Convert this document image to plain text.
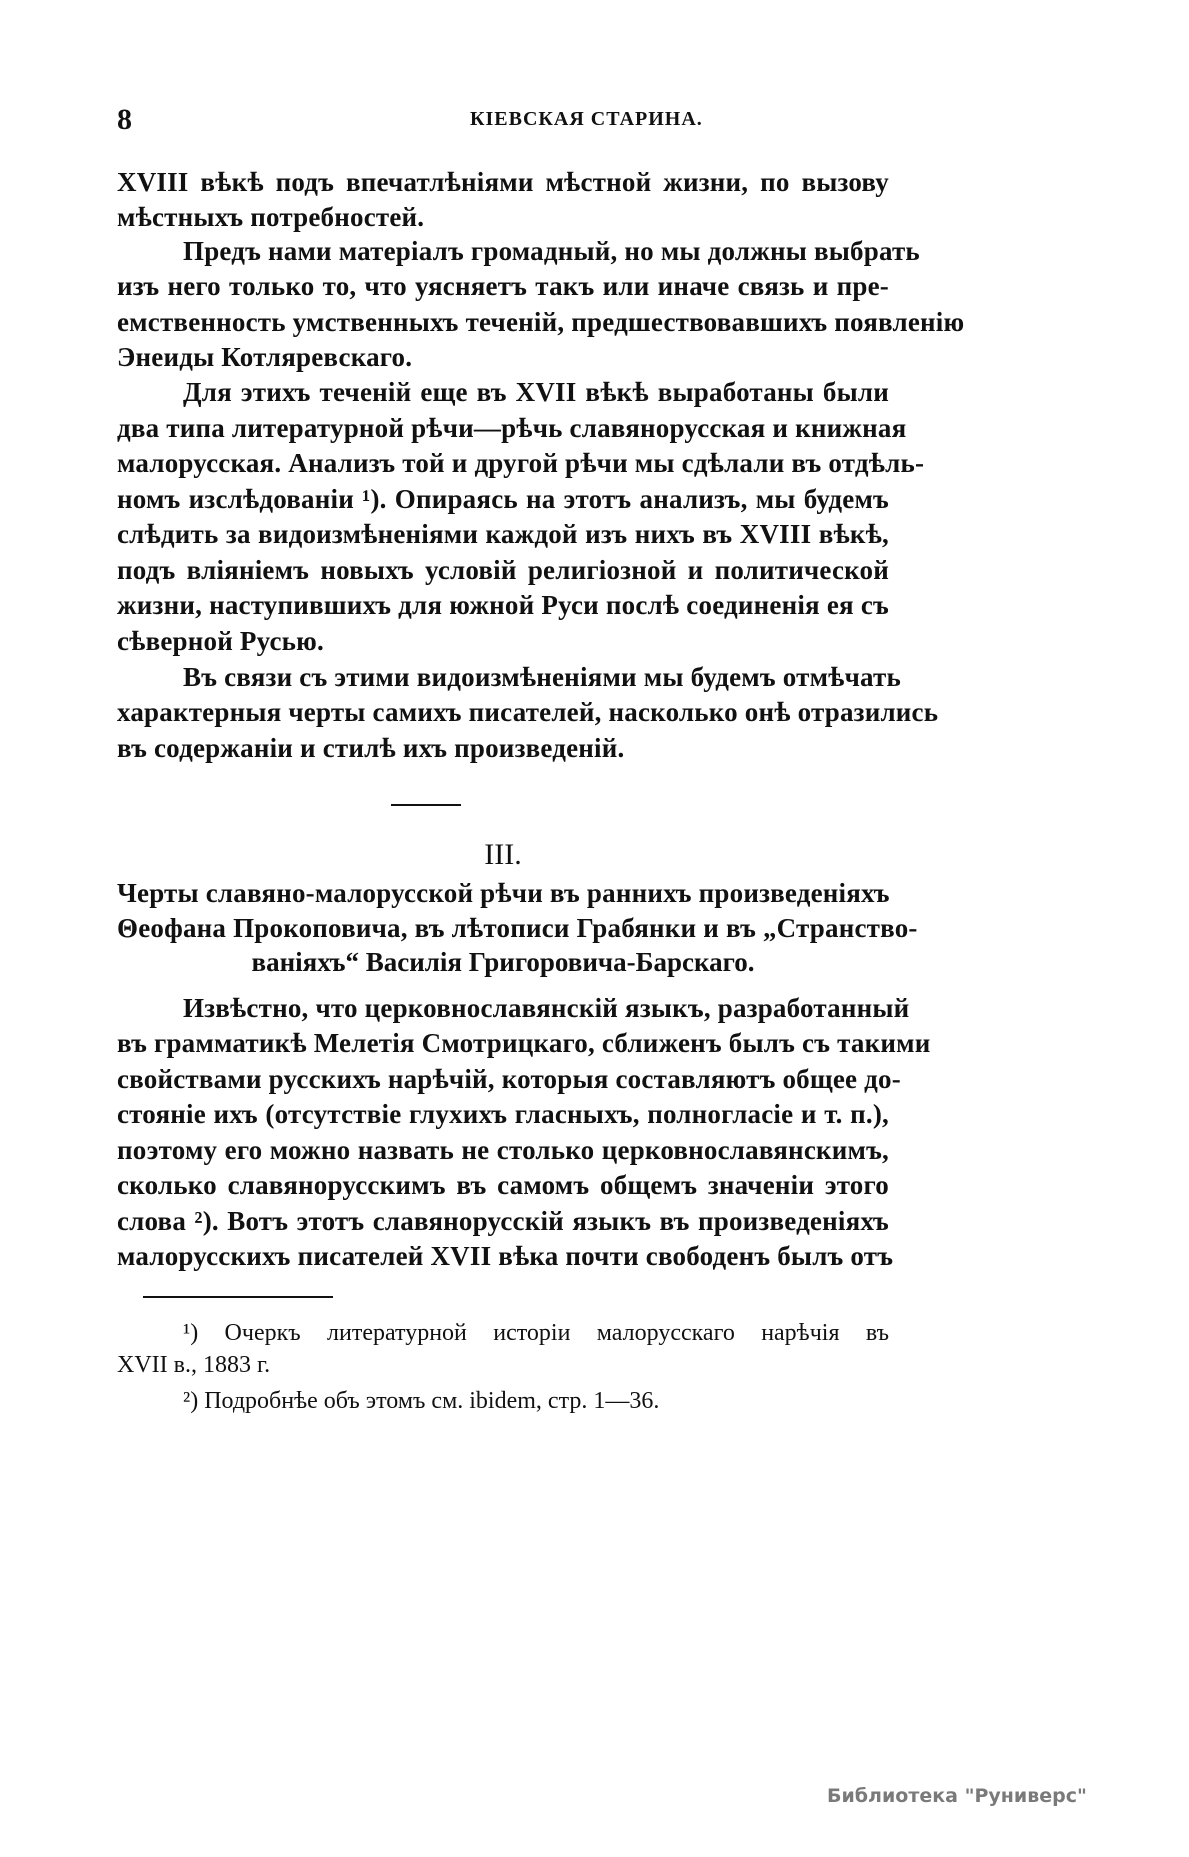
8	КІЕВСКАЯ СТАРИНА.
XVIII вѣкѣ подъ впечатлѣніями мѣстной жизни, по вызову
мѣстныхъ потребностей.
Предъ нами матеріалъ громадный, но мы должны выбрать
изъ него только то, что уясняетъ такъ или иначе связь и пре-
емственность умственныхъ теченій, предшествовавшихъ появленію
Энеиды Котляревскаго.
Для этихъ теченій еще въ XVII вѣкѣ выработаны были
два типа литературной рѣчи—рѣчь славянорусская и книжная
малорусская. Анализъ той и другой рѣчи мы сдѣлали въ отдѣль-
номъ изслѣдованіи ¹). Опираясь на этотъ анализъ, мы будемъ
слѣдить за видоизмѣненіями каждой изъ нихъ въ XVIII вѣкѣ,
подъ вліяніемъ новыхъ условій религіозной и политической
жизни, наступившихъ для южной Руси послѣ соединенія ея съ
сѣверной Русью.
Въ связи съ этими видоизмѣненіями мы будемъ отмѣчать
характерныя черты самихъ писателей, насколько онѣ отразились
въ содержаніи и стилѣ ихъ произведеній.
III.
Черты славяно-малорусской рѣчи въ раннихъ произведеніяхъ
Θеофана Прокоповича, въ лѣтописи Грабянки и въ „Странство-
ваніяхъ“ Василія Григоровича-Барскаго.
Извѣстно, что церковнославянскій языкъ, разработанный
въ грамматикѣ Мелетія Смотрицкаго, сближенъ былъ съ такими
свойствами русскихъ нарѣчій, которыя составляютъ общее до-
стояніе ихъ (отсутствіе глухихъ гласныхъ, полногласіе и т. п.),
поэтому его можно назвать не столько церковнославянскимъ,
сколько славянорусскимъ въ самомъ общемъ значеніи этого
слова ²). Вотъ этотъ славянорусскій языкъ въ произведеніяхъ
малорусскихъ писателей XVII вѣка почти свободенъ былъ отъ
¹) Очеркъ литературной исторіи малорусскаго нарѣчія въ
XVII в., 1883 г.
²) Подробнѣе объ этомъ см. ibidem, стр. 1—36.
Библиотека "Руниверс"
